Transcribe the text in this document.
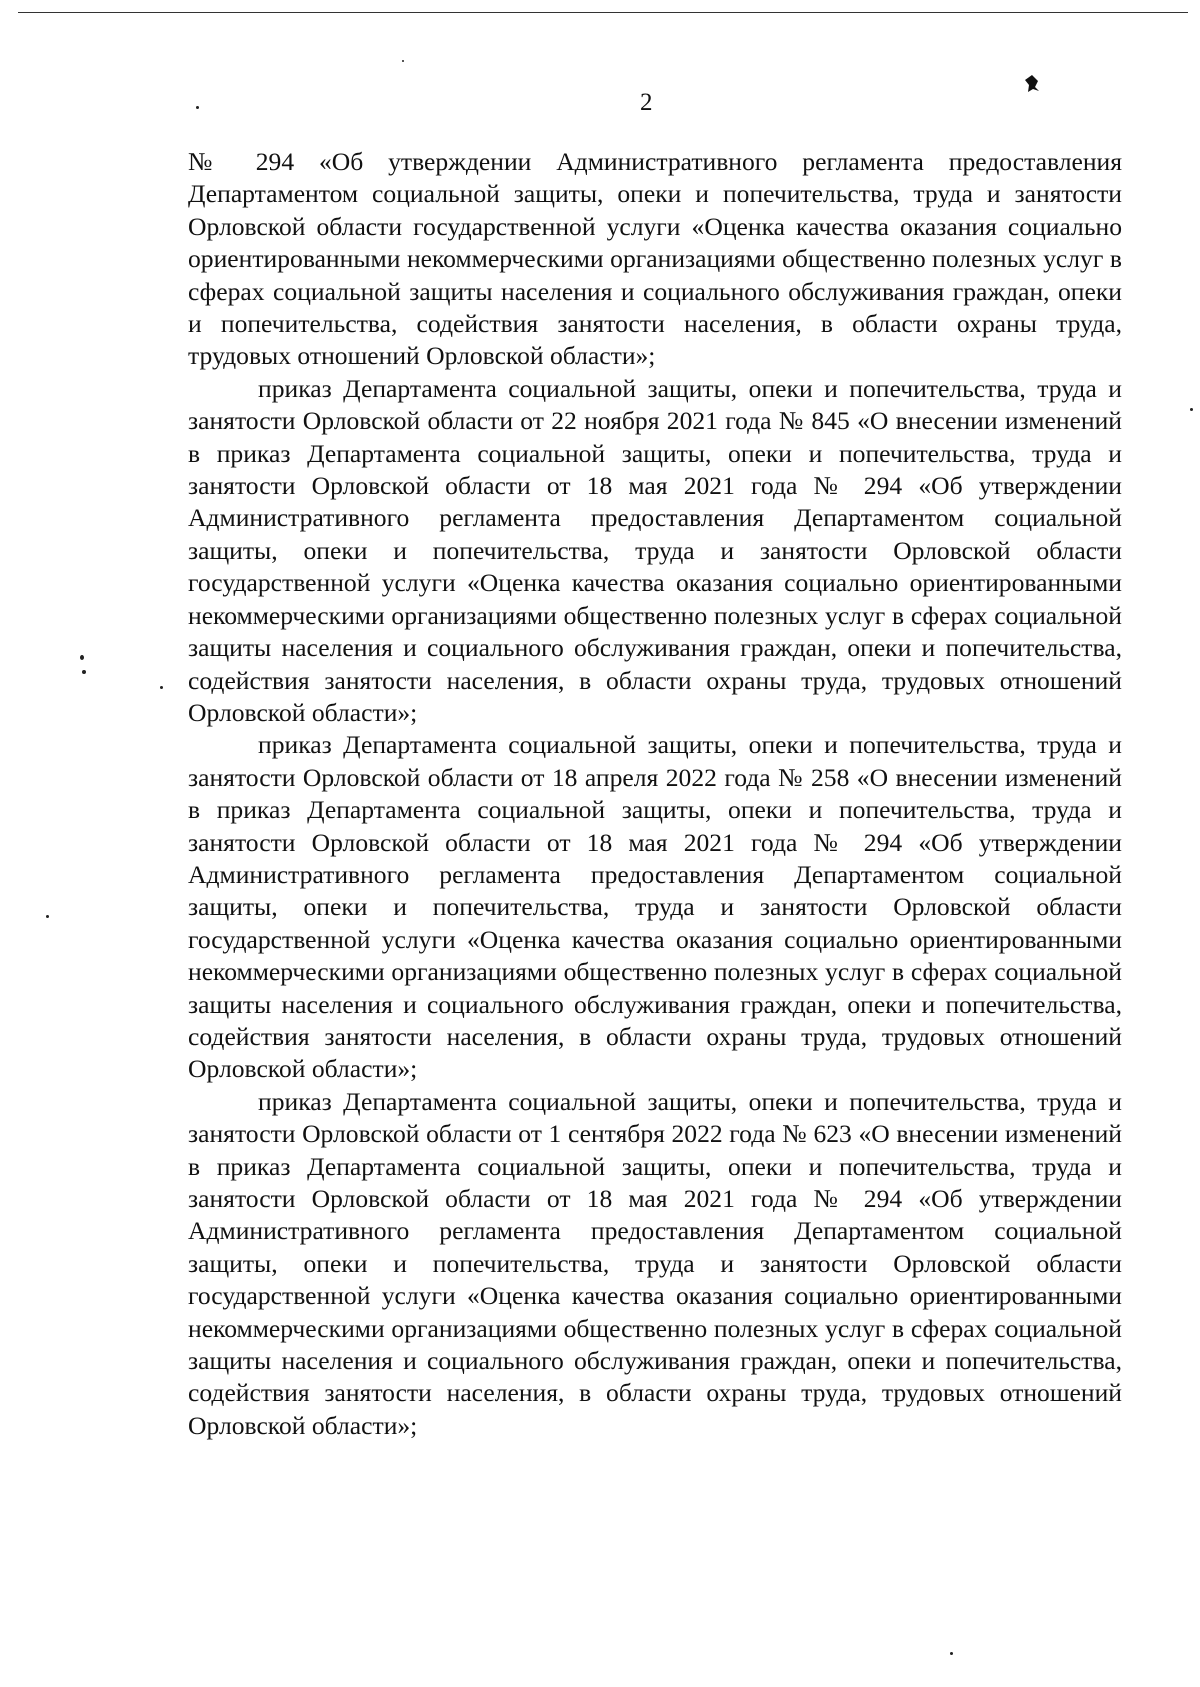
2

№ 294 «Об утверждении Административного регламента предоставления Департаментом социальной защиты, опеки и попечительства, труда и занятости Орловской области государственной услуги «Оценка качества оказания социально ориентированными некоммерческими организациями общественно полезных услуг в сферах социальной защиты населения и социального обслуживания граждан, опеки и попечительства, содействия занятости населения, в области охраны труда, трудовых отношений Орловской области»;

приказ Департамента социальной защиты, опеки и попечительства, труда и занятости Орловской области от 22 ноября 2021 года № 845 «О внесении изменений в приказ Департамента социальной защиты, опеки и попечительства, труда и занятости Орловской области от 18 мая 2021 года № 294 «Об утверждении Административного регламента предоставления Департаментом социальной защиты, опеки и попечительства, труда и занятости Орловской области государственной услуги «Оценка качества оказания социально ориентированными некоммерческими организациями общественно полезных услуг в сферах социальной защиты населения и социального обслуживания граждан, опеки и попечительства, содействия занятости населения, в области охраны труда, трудовых отношений Орловской области»;

приказ Департамента социальной защиты, опеки и попечительства, труда и занятости Орловской области от 18 апреля 2022 года № 258 «О внесении изменений в приказ Департамента социальной защиты, опеки и попечительства, труда и занятости Орловской области от 18 мая 2021 года № 294 «Об утверждении Административного регламента предоставления Департаментом социальной защиты, опеки и попечительства, труда и занятости Орловской области государственной услуги «Оценка качества оказания социально ориентированными некоммерческими организациями общественно полезных услуг в сферах социальной защиты населения и социального обслуживания граждан, опеки и попечительства, содействия занятости населения, в области охраны труда, трудовых отношений Орловской области»;

приказ Департамента социальной защиты, опеки и попечительства, труда и занятости Орловской области от 1 сентября 2022 года № 623 «О внесении изменений в приказ Департамента социальной защиты, опеки и попечительства, труда и занятости Орловской области от 18 мая 2021 года № 294 «Об утверждении Административного регламента предоставления Департаментом социальной защиты, опеки и попечительства, труда и занятости Орловской области государственной услуги «Оценка качества оказания социально ориентированными некоммерческими организациями общественно полезных услуг в сферах социальной защиты населения и социального обслуживания граждан, опеки и попечительства, содействия занятости населения, в области охраны труда, трудовых отношений Орловской области»;
